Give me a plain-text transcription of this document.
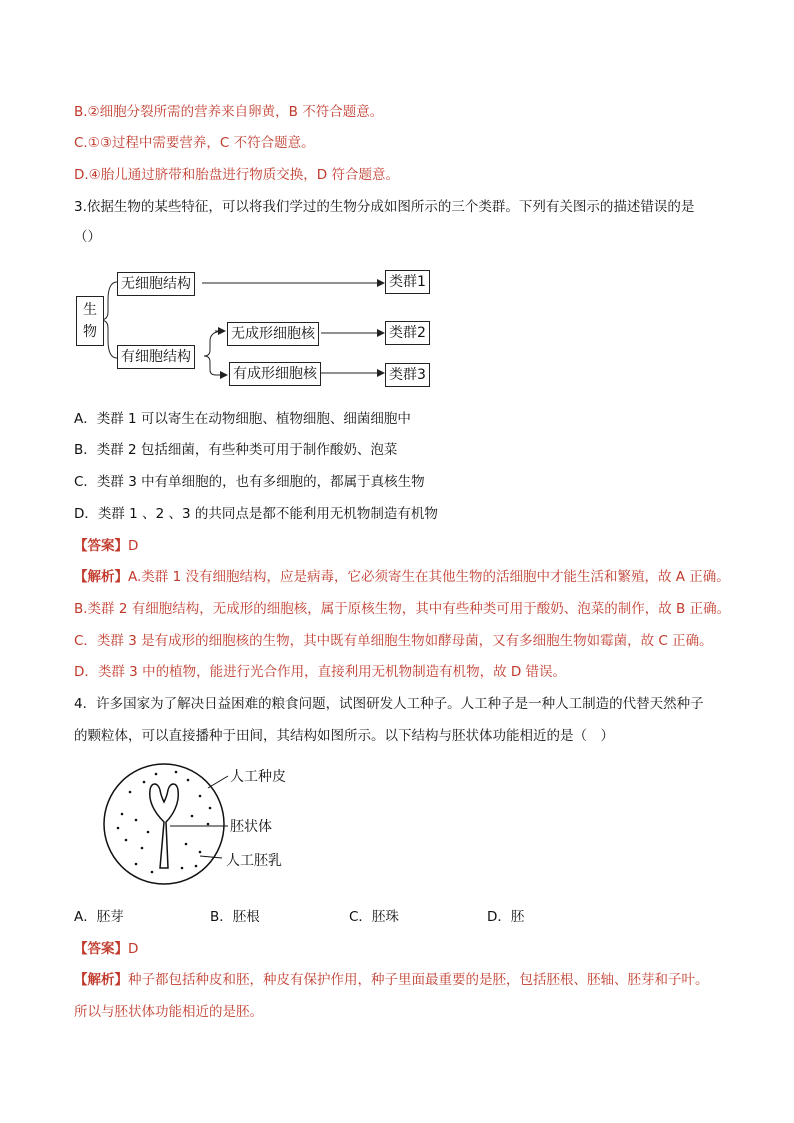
B.②细胞分裂所需的营养来自卵黄，B 不符合题意。
C.①③过程中需要营养，C 不符合题意。
D.④胎儿通过脐带和胎盘进行物质交换，D 符合题意。
3.依据生物的某些特征，可以将我们学过的生物分成如图所示的三个类群。下列有关图示的描述错误的是
（）
生物
无细胞结构
有细胞结构
无成形细胞核
有成形细胞核
类群1
类群2
类群3
A．类群 1 可以寄生在动物细胞、植物细胞、细菌细胞中
B．类群 2 包括细菌，有些种类可用于制作酸奶、泡菜
C．类群 3 中有单细胞的，也有多细胞的，都属于真核生物
D．类群 1 、2 、3 的共同点是都不能利用无机物制造有机物
【答案】D
【解析】A.类群 1 没有细胞结构，应是病毒，它必须寄生在其他生物的活细胞中才能生活和繁殖，故 A 正确。
B.类群 2 有细胞结构，无成形的细胞核，属于原核生物，其中有些种类可用于酸奶、泡菜的制作，故 B 正确。
C．类群 3 是有成形的细胞核的生物，其中既有单细胞生物如酵母菌，又有多细胞生物如霉菌，故 C 正确。
D．类群 3 中的植物，能进行光合作用，直接利用无机物制造有机物，故 D 错误。
4．许多国家为了解决日益困难的粮食问题，试图研发人工种子。人工种子是一种人工制造的代替天然种子
的颗粒体，可以直接播种于田间，其结构如图所示。以下结构与胚状体功能相近的是（　）
人工种皮
胚状体
人工胚乳
A．胚芽	B．胚根	C．胚珠	D．胚
【答案】D
【解析】种子都包括种皮和胚，种皮有保护作用，种子里面最重要的是胚，包括胚根、胚轴、胚芽和子叶。
所以与胚状体功能相近的是胚。
